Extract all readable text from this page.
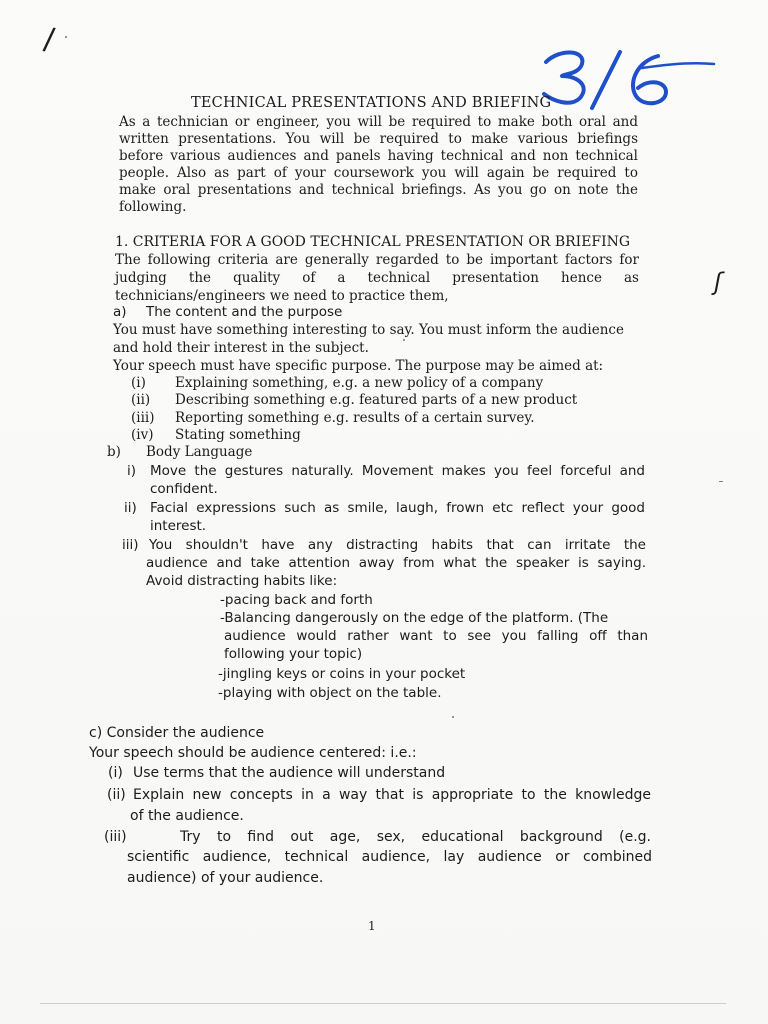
/
ʃ
TECHNICAL PRESENTATIONS AND BRIEFING
As a technician or engineer, you will be required to make both oral and
written presentations. You will be required to make various briefings
before various audiences and panels having technical and non technical
people. Also as part of your coursework you will again be required to
make oral presentations and technical briefings. As you go on note the
following.
1. CRITERIA FOR A GOOD TECHNICAL PRESENTATION OR BRIEFING
The following criteria are generally regarded to be important factors for
judging the quality of a technical presentation hence as
technicians/engineers we need to practice them,
a) The content and the purpose
You must have something interesting to say. You must inform the audience
and hold their interest in the subject.
Your speech must have specific purpose. The purpose may be aimed at:
(i) Explaining something, e.g. a new policy of a company
(ii) Describing something e.g. featured parts of a new product
(iii) Reporting something e.g. results of a certain survey.
(iv) Stating something
b) Body Language
i) Move the gestures naturally. Movement makes you feel forceful and
confident.
ii) Facial expressions such as smile, laugh, frown etc reflect your good
interest.
iii) You shouldn't have any distracting habits that can irritate the
audience and take attention away from what the speaker is saying.
Avoid distracting habits like:
-pacing back and forth
-Balancing dangerously on the edge of the platform. (The
audience would rather want to see you falling off than
following your topic)
-jingling keys or coins in your pocket
-playing with object on the table.
c) Consider the audience
Your speech should be audience centered: i.e.:
(i) Use terms that the audience will understand
(ii) Explain new concepts in a way that is appropriate to the knowledge
of the audience.
(iii)	Try to find out age, sex, educational background (e.g.
scientific audience, technical audience, lay audience or combined
audience) of your audience.
1
